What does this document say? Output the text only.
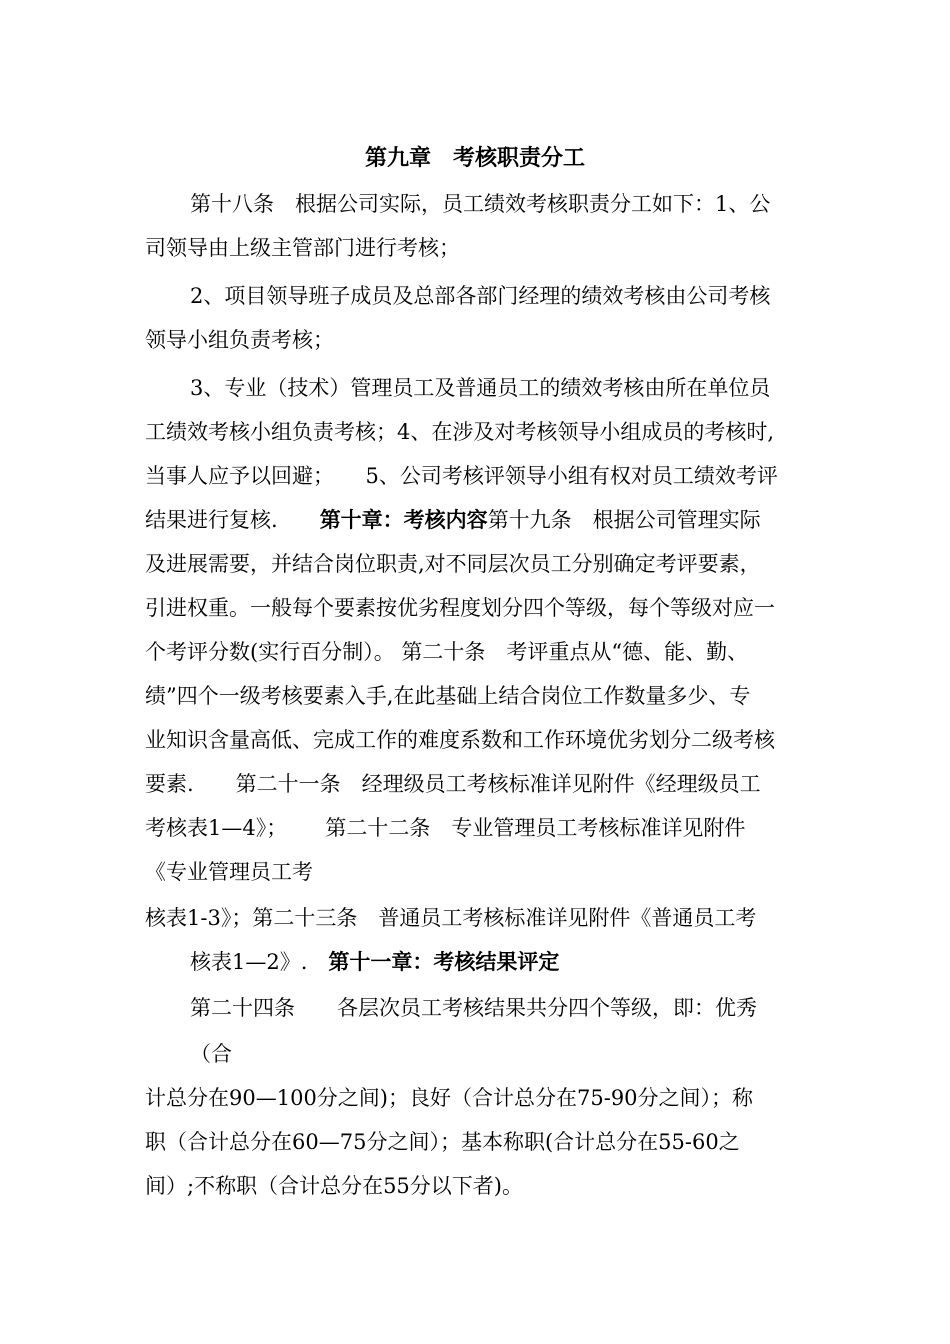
第九章　考核职责分工
第十八条　根据公司实际，员工绩效考核职责分工如下：1、公
司领导由上级主管部门进行考核；
2、项目领导班子成员及总部各部门经理的绩效考核由公司考核
领导小组负责考核；
3、专业（技术）管理员工及普通员工的绩效考核由所在单位员
工绩效考核小组负责考核；4、在涉及对考核领导小组成员的考核时,
当事人应予以回避；　　5、公司考核评领导小组有权对员工绩效考评
结果进行复核.　　第十章：考核内容第十九条　根据公司管理实际
及进展需要，并结合岗位职责,对不同层次员工分别确定考评要素，
引进权重。一般每个要素按优劣程度划分四个等级，每个等级对应一
个考评分数(实行百分制）。 第二十条　考评重点从“德、能、勤、
绩”四个一级考核要素入手,在此基础上结合岗位工作数量多少、专
业知识含量高低、完成工作的难度系数和工作环境优劣划分二级考核
要素.　　第二十一条　经理级员工考核标准详见附件《经理级员工
考核表1—4》；　　 第二十二条　专业管理员工考核标准详见附件
《专业管理员工考
核表1-3》；第二十三条　普通员工考核标准详见附件《普通员工考
核表1—2》.　第十一章：考核结果评定
第二十四条　　各层次员工考核结果共分四个等级，即：优秀
（合
计总分在90—100分之间)；良好（合计总分在75-90分之间）；称
职（合计总分在60—75分之间）；基本称职(合计总分在55-60之
间）;不称职（合计总分在55分以下者)。
